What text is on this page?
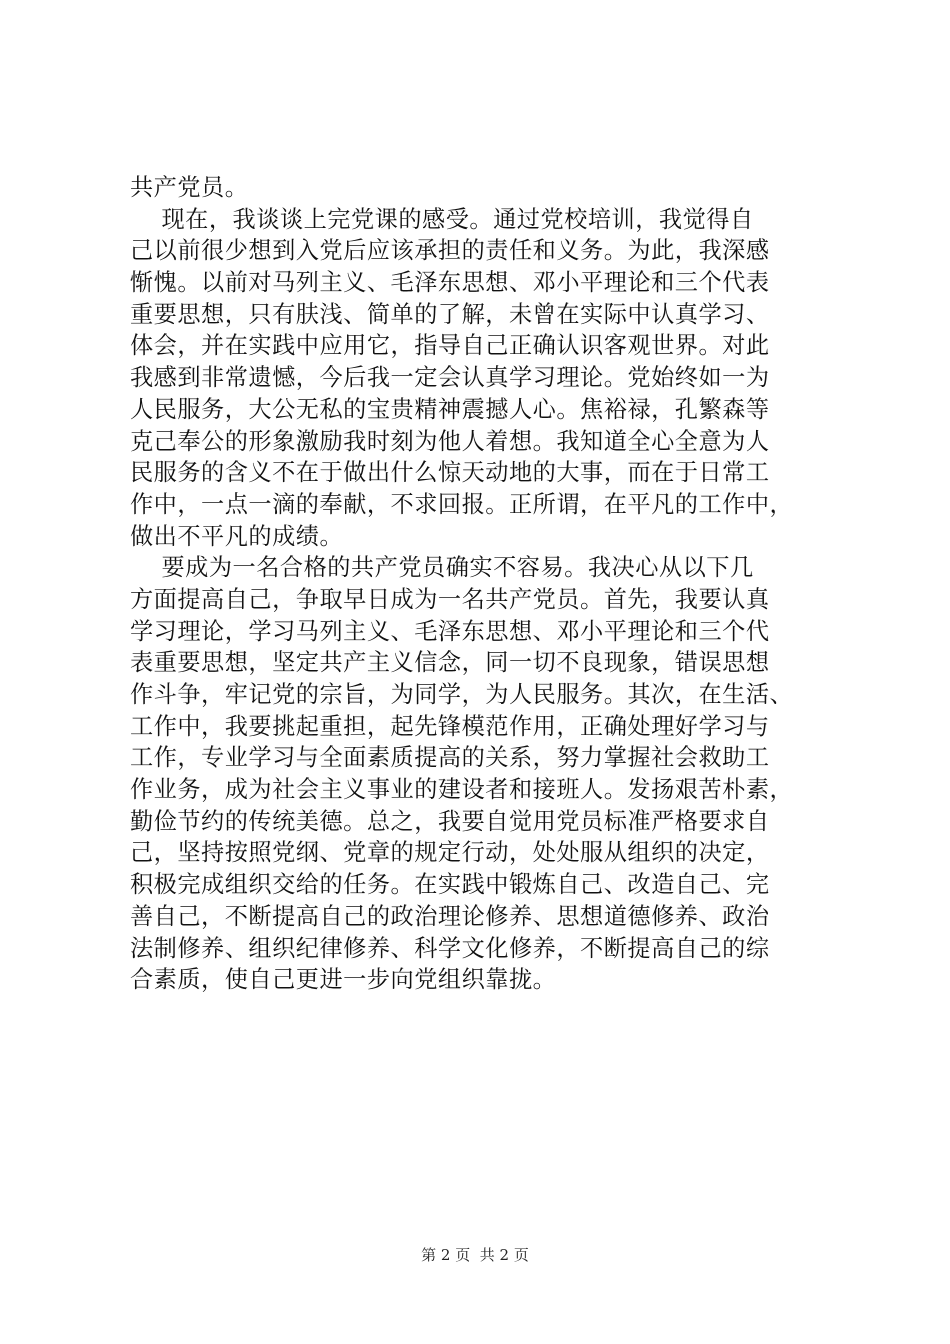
共产党员。
现在，我谈谈上完党课的感受。通过党校培训，我觉得自
己以前很少想到入党后应该承担的责任和义务。为此，我深感
惭愧。以前对马列主义、毛泽东思想、邓小平理论和三个代表
重要思想，只有肤浅、简单的了解，未曾在实际中认真学习、
体会，并在实践中应用它，指导自己正确认识客观世界。对此
我感到非常遗憾，今后我一定会认真学习理论。党始终如一为
人民服务，大公无私的宝贵精神震撼人心。焦裕禄，孔繁森等
克己奉公的形象激励我时刻为他人着想。我知道全心全意为人
民服务的含义不在于做出什么惊天动地的大事，而在于日常工
作中，一点一滴的奉献，不求回报。正所谓，在平凡的工作中，
做出不平凡的成绩。
要成为一名合格的共产党员确实不容易。我决心从以下几
方面提高自己，争取早日成为一名共产党员。首先，我要认真
学习理论，学习马列主义、毛泽东思想、邓小平理论和三个代
表重要思想，坚定共产主义信念，同一切不良现象，错误思想
作斗争，牢记党的宗旨，为同学，为人民服务。其次，在生活、
工作中，我要挑起重担，起先锋模范作用，正确处理好学习与
工作，专业学习与全面素质提高的关系，努力掌握社会救助工
作业务，成为社会主义事业的建设者和接班人。发扬艰苦朴素，
勤俭节约的传统美德。总之，我要自觉用党员标准严格要求自
己，坚持按照党纲、党章的规定行动，处处服从组织的决定，
积极完成组织交给的任务。在实践中锻炼自己、改造自己、完
善自己，不断提高自己的政治理论修养、思想道德修养、政治
法制修养、组织纪律修养、科学文化修养，不断提高自己的综
合素质，使自己更进一步向党组织靠拢。
第 2 页  共 2 页
